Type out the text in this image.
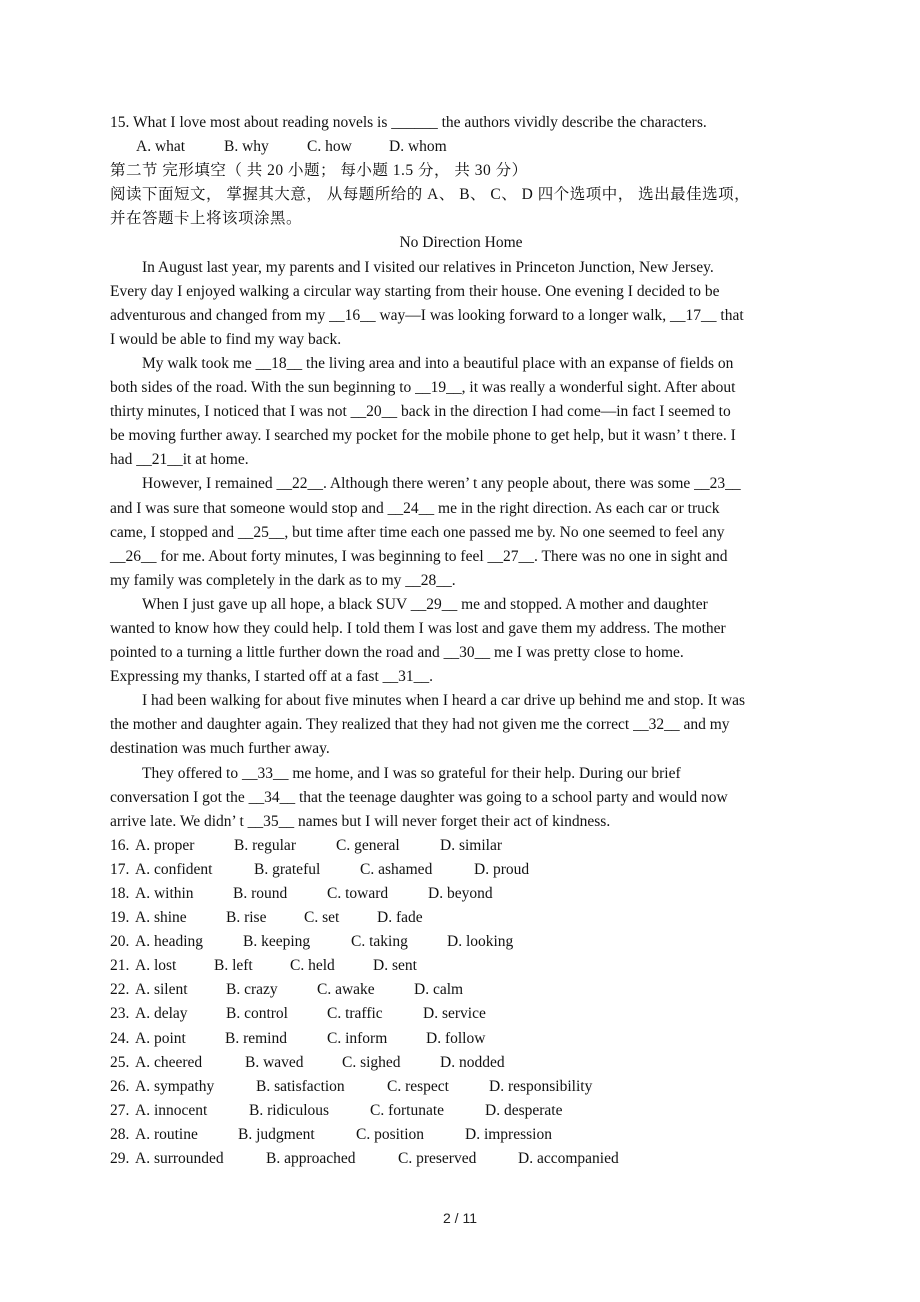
15. What I love most about reading novels is ______ the authors vividly describe the characters.
A. what	B. why	C. how	D. whom
第二节 完形填空（ 共 20 小题； 每小题 1.5 分， 共 30 分）
阅读下面短文， 掌握其大意， 从每题所给的 A、 B、 C、 D 四个选项中， 选出最佳选项，
并在答题卡上将该项涂黑。
No Direction Home
In August last year, my parents and I visited our relatives in Princeton Junction, New Jersey.
Every day I enjoyed walking a circular way starting from their house. One evening I decided to be
adventurous and changed from my __16__ way—I was looking forward to a longer walk, __17__ that
I would be able to find my way back.
My walk took me __18__ the living area and into a beautiful place with an expanse of fields on
both sides of the road. With the sun beginning to __19__, it was really a wonderful sight. After about
thirty minutes, I noticed that I was not __20__ back in the direction I had come—in fact I seemed to
be moving further away. I searched my pocket for the mobile phone to get help, but it wasn’ t there. I
had __21__it at home.
However, I remained __22__. Although there weren’ t any people about, there was some __23__
and I was sure that someone would stop and __24__ me in the right direction. As each car or truck
came, I stopped and __25__, but time after time each one passed me by. No one seemed to feel any
__26__ for me. About forty minutes, I was beginning to feel __27__. There was no one in sight and
my family was completely in the dark as to my __28__.
When I just gave up all hope, a black SUV __29__ me and stopped. A mother and daughter
wanted to know how they could help. I told them I was lost and gave them my address. The mother
pointed to a turning a little further down the road and __30__ me I was pretty close to home.
Expressing my thanks, I started off at a fast __31__.
I had been walking for about five minutes when I heard a car drive up behind me and stop. It was
the mother and daughter again. They realized that they had not given me the correct __32__ and my
destination was much further away.
They offered to __33__ me home, and I was so grateful for their help. During our brief
conversation I got the __34__ that the teenage daughter was going to a school party and would now
arrive late. We didn’ t __35__ names but I will never forget their act of kindness.
16. A. proper	B. regular	C. general	D. similar
17. A. confident	B. grateful	C. ashamed	D. proud
18. A. within	B. round	C. toward	D. beyond
19. A. shine	B. rise	C. set	D. fade
20. A. heading	B. keeping	C. taking	D. looking
21. A. lost	B. left	C. held	D. sent
22. A. silent	B. crazy	C. awake	D. calm
23. A. delay	B. control	C. traffic	D. service
24. A. point	B. remind	C. inform	D. follow
25. A. cheered	B. waved	C. sighed	D. nodded
26. A. sympathy	B. satisfaction	C. respect	D. responsibility
27. A. innocent	B. ridiculous	C. fortunate	D. desperate
28. A. routine	B. judgment	C. position	D. impression
29. A. surrounded	B. approached	C. preserved	D. accompanied
2 / 11
